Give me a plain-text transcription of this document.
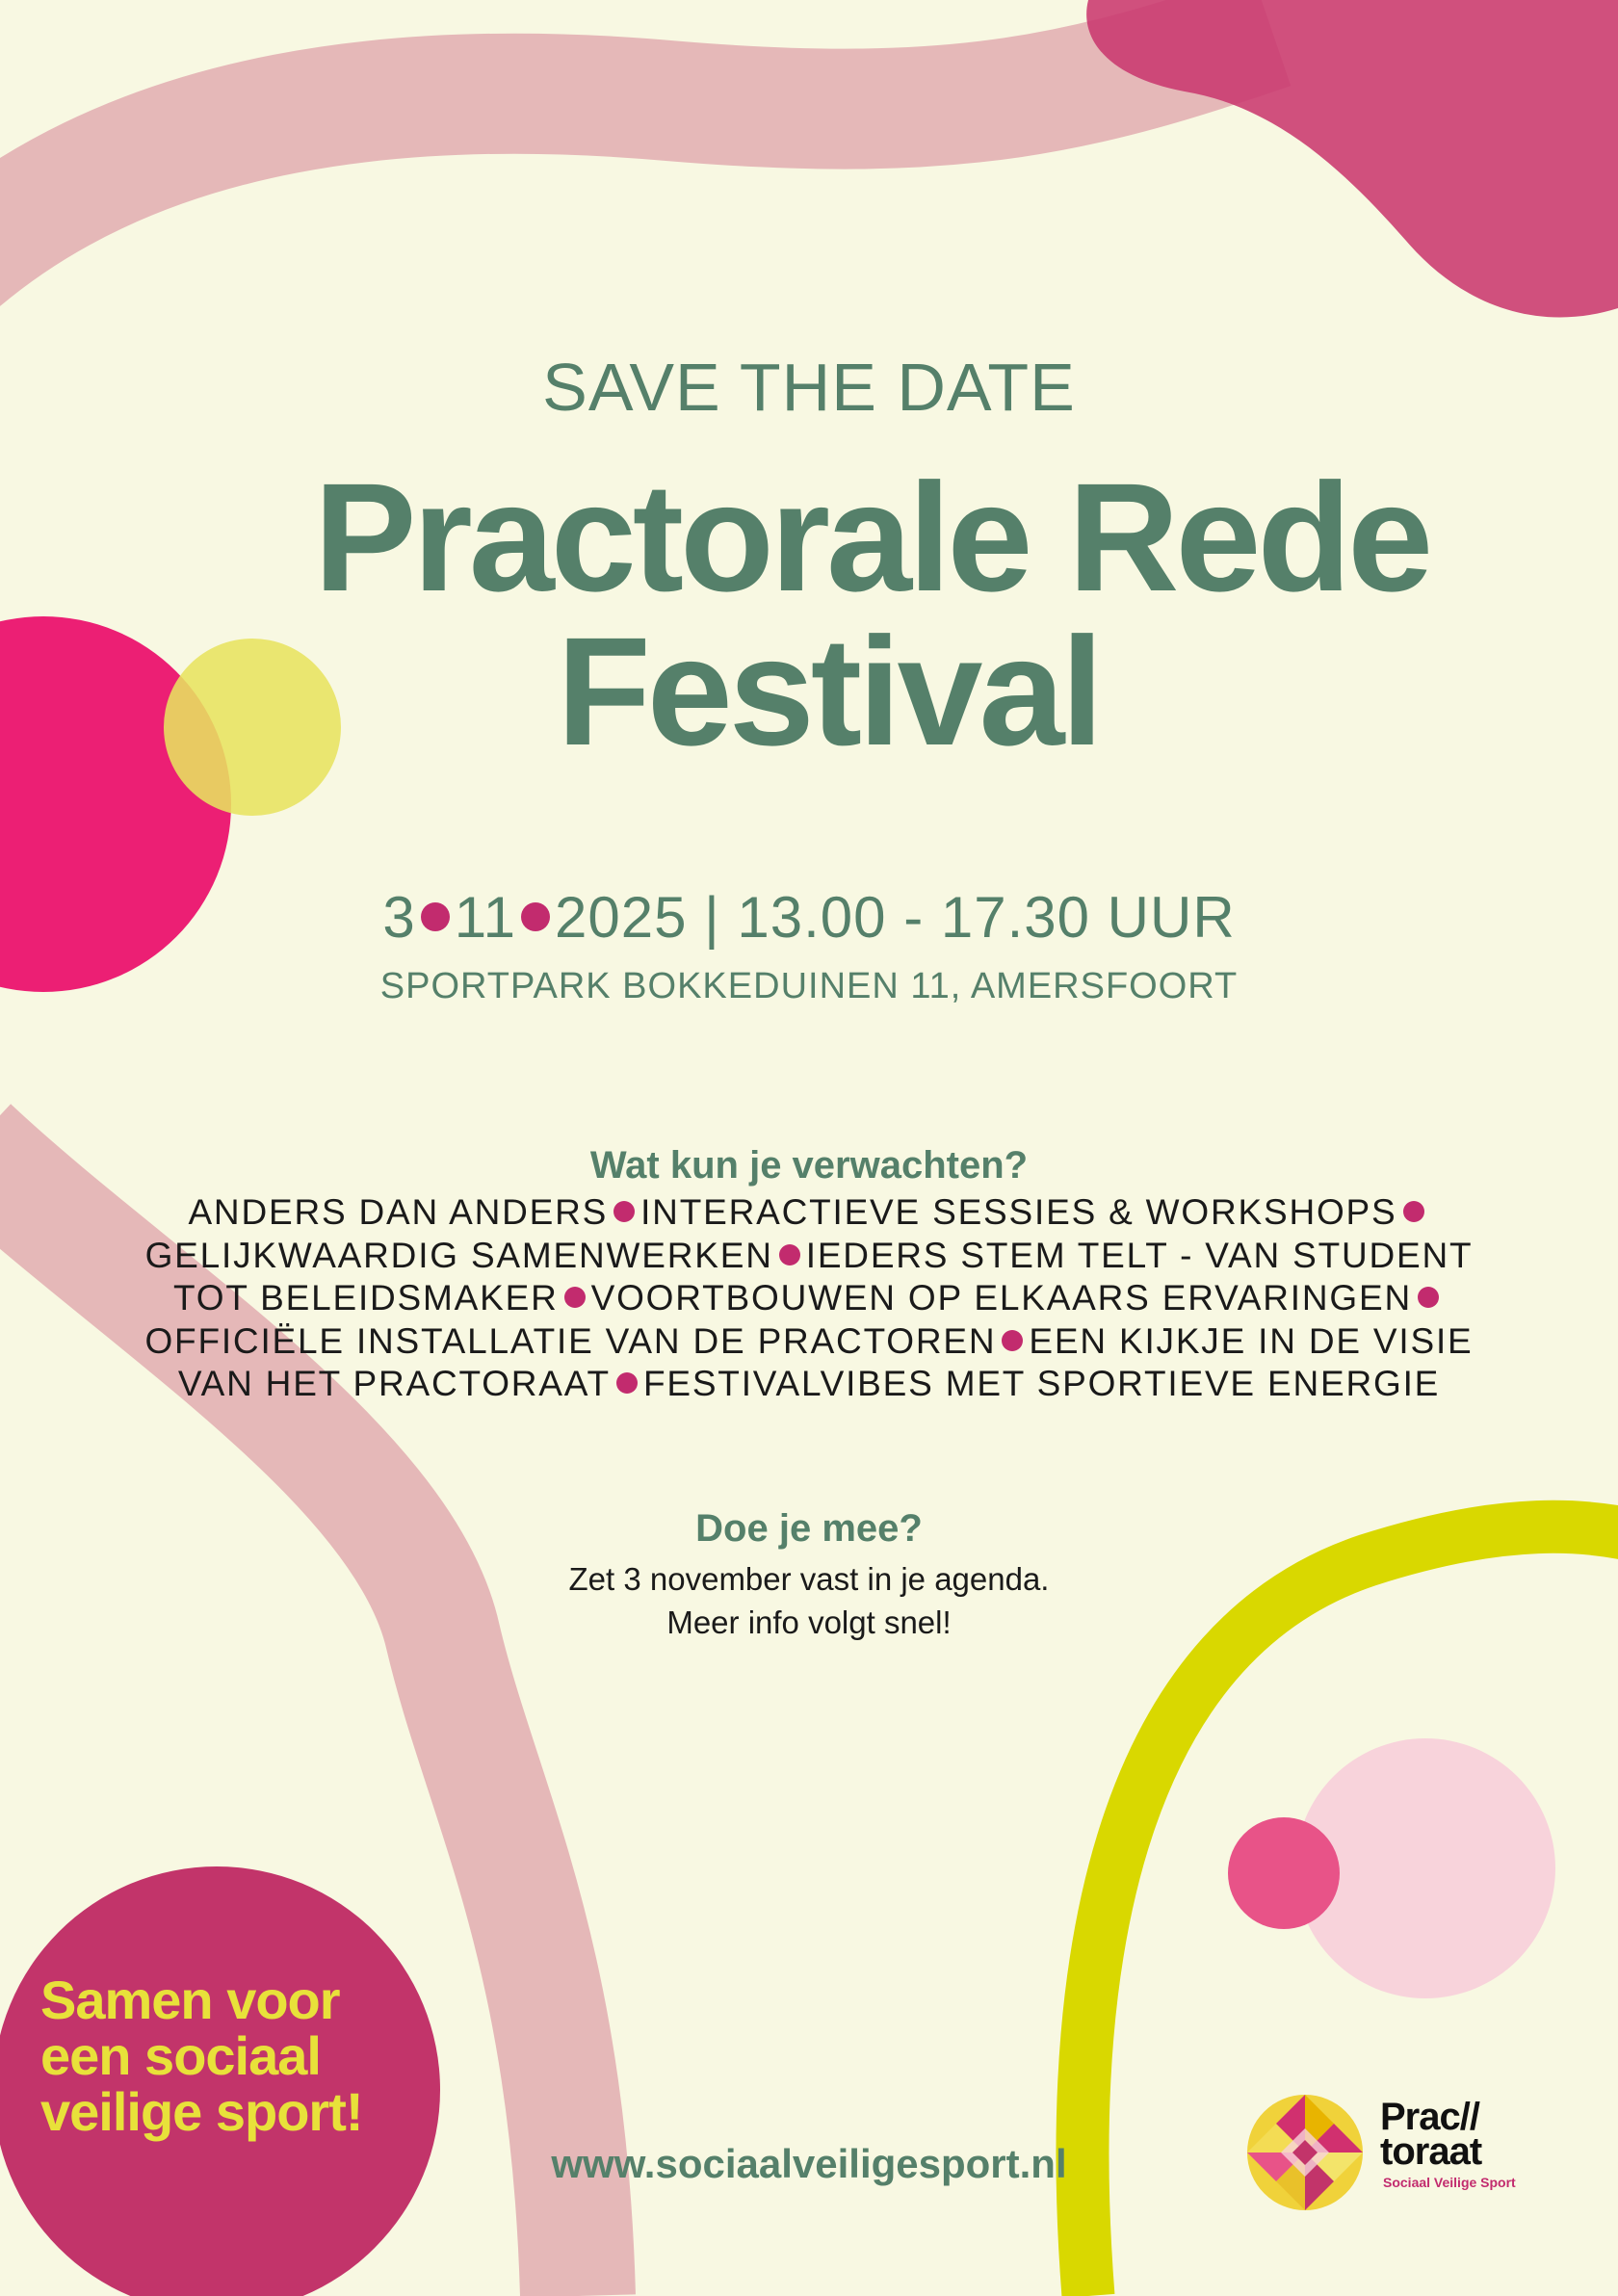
SAVE THE DATE
Practorale Rede
Festival
3 11 2025 | 13.00 - 17.30 UUR
SPORTPARK BOKKEDUINEN 11, AMERSFOORT
Wat kun je verwachten?
ANDERS DAN ANDERS INTERACTIEVE SESSIES & WORKSHOPS GELIJKWAARDIG SAMENWERKEN IEDERS STEM TELT - VAN STUDENT TOT BELEIDSMAKER VOORTBOUWEN OP ELKAARS ERVARINGEN OFFICIËLE INSTALLATIE VAN DE PRACTOREN EEN KIJKJE IN DE VISIE VAN HET PRACTORAAT FESTIVALVIBES MET SPORTIEVE ENERGIE
Doe je mee?
Zet 3 november vast in je agenda.
Meer info volgt snel!
Samen voor
een sociaal
veilige sport!
www.sociaalveiligesport.nl
Prac//
toraat
Sociaal Veilige Sport
